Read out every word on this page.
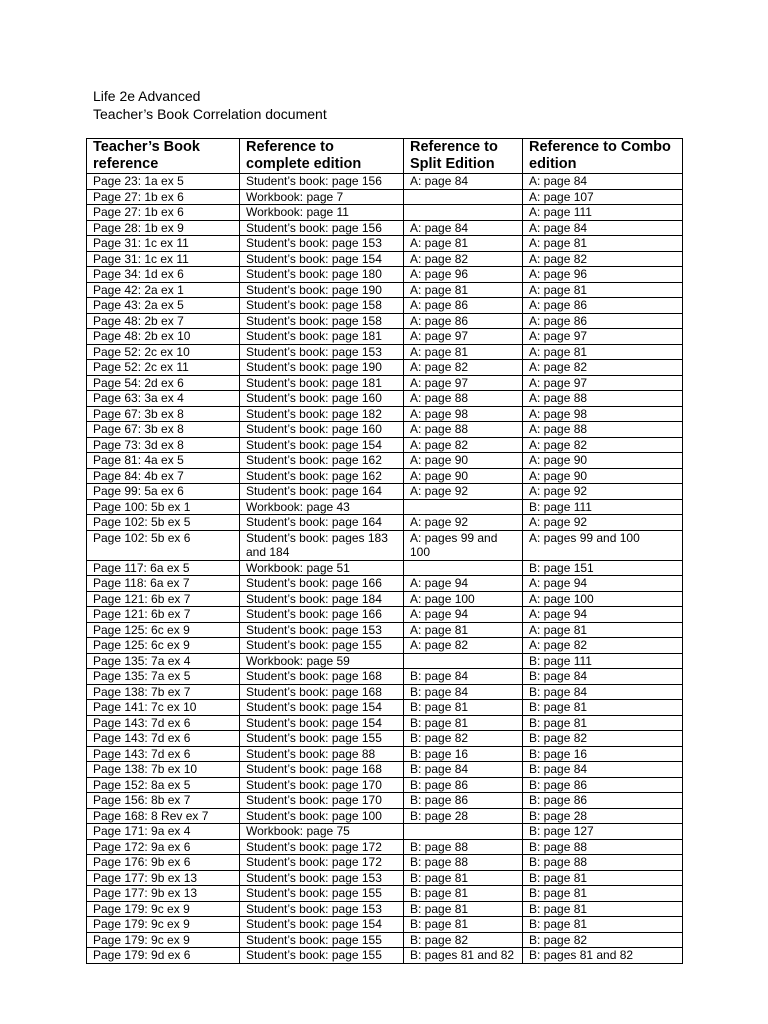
Life 2e Advanced
Teacher’s Book Correlation document
Teacher’s Book reference	Reference to complete edition	Reference to Split Edition	Reference to Combo edition
Page 23: 1a ex 5	Student’s book: page 156	A: page 84	A: page 84
Page 27: 1b ex 6	Workbook: page 7		A: page 107
Page 27: 1b ex 6	Workbook: page 11		A: page 111
Page 28: 1b ex 9	Student’s book: page 156	A: page 84	A: page 84
Page 31: 1c ex 11	Student’s book: page 153	A: page 81	A: page 81
Page 31: 1c ex 11	Student’s book: page 154	A: page 82	A: page 82
Page 34: 1d ex 6	Student’s book: page 180	A: page 96	A: page 96
Page 42: 2a ex 1	Student’s book: page 190	A: page 81	A: page 81
Page 43: 2a ex 5	Student’s book: page 158	A: page 86	A: page 86
Page 48: 2b ex 7	Student’s book: page 158	A: page 86	A: page 86
Page 48: 2b ex 10	Student’s book: page 181	A: page 97	A: page 97
Page 52: 2c ex 10	Student’s book: page 153	A: page 81	A: page 81
Page 52: 2c ex 11	Student’s book: page 190	A: page 82	A: page 82
Page 54: 2d ex 6	Student’s book: page 181	A: page 97	A: page 97
Page 63: 3a ex 4	Student’s book: page 160	A: page 88	A: page 88
Page 67: 3b ex 8	Student’s book: page 182	A: page 98	A: page 98
Page 67: 3b ex 8	Student’s book: page 160	A: page 88	A: page 88
Page 73: 3d ex 8	Student’s book: page 154	A: page 82	A: page 82
Page 81: 4a ex 5	Student’s book: page 162	A: page 90	A: page 90
Page 84: 4b ex 7	Student’s book: page 162	A: page 90	A: page 90
Page 99: 5a ex 6	Student’s book: page 164	A: page 92	A: page 92
Page 100: 5b ex 1	Workbook: page 43		B: page 111
Page 102: 5b ex 5	Student’s book: page 164	A: page 92	A: page 92
Page 102: 5b ex 6	Student’s book: pages 183 and 184	A: pages 99 and 100	A: pages 99 and 100
Page 117: 6a ex 5	Workbook: page 51		B: page 151
Page 118: 6a ex 7	Student’s book: page 166	A: page 94	A: page 94
Page 121: 6b ex 7	Student’s book: page 184	A: page 100	A: page 100
Page 121: 6b ex 7	Student’s book: page 166	A: page 94	A: page 94
Page 125: 6c ex 9	Student’s book: page 153	A: page 81	A: page 81
Page 125: 6c ex 9	Student’s book: page 155	A: page 82	A: page 82
Page 135: 7a ex 4	Workbook: page 59		B: page 111
Page 135: 7a ex 5	Student’s book: page 168	B: page 84	B: page 84
Page 138: 7b ex 7	Student’s book: page 168	B: page 84	B: page 84
Page 141: 7c ex 10	Student’s book: page 154	B: page 81	B: page 81
Page 143: 7d ex 6	Student’s book: page 154	B: page 81	B: page 81
Page 143: 7d ex 6	Student’s book: page 155	B: page 82	B: page 82
Page 143: 7d ex 6	Student’s book: page 88	B: page 16	B: page 16
Page 138: 7b ex 10	Student’s book: page 168	B: page 84	B: page 84
Page 152: 8a ex 5	Student’s book: page 170	B: page 86	B: page 86
Page 156: 8b ex 7	Student’s book: page 170	B: page 86	B: page 86
Page 168: 8 Rev ex 7	Student’s book: page 100	B: page 28	B: page 28
Page 171: 9a ex 4	Workbook: page 75		B: page 127
Page 172: 9a ex 6	Student’s book: page 172	B: page 88	B: page 88
Page 176: 9b ex 6	Student’s book: page 172	B: page 88	B: page 88
Page 177: 9b ex 13	Student’s book: page 153	B: page 81	B: page 81
Page 177: 9b ex 13	Student’s book: page 155	B: page 81	B: page 81
Page 179: 9c ex 9	Student’s book: page 153	B: page 81	B: page 81
Page 179: 9c ex 9	Student’s book: page 154	B: page 81	B: page 81
Page 179: 9c ex 9	Student’s book: page 155	B: page 82	B: page 82
Page 179: 9d ex 6	Student’s book: page 155	B: pages 81 and 82	B: pages 81 and 82
